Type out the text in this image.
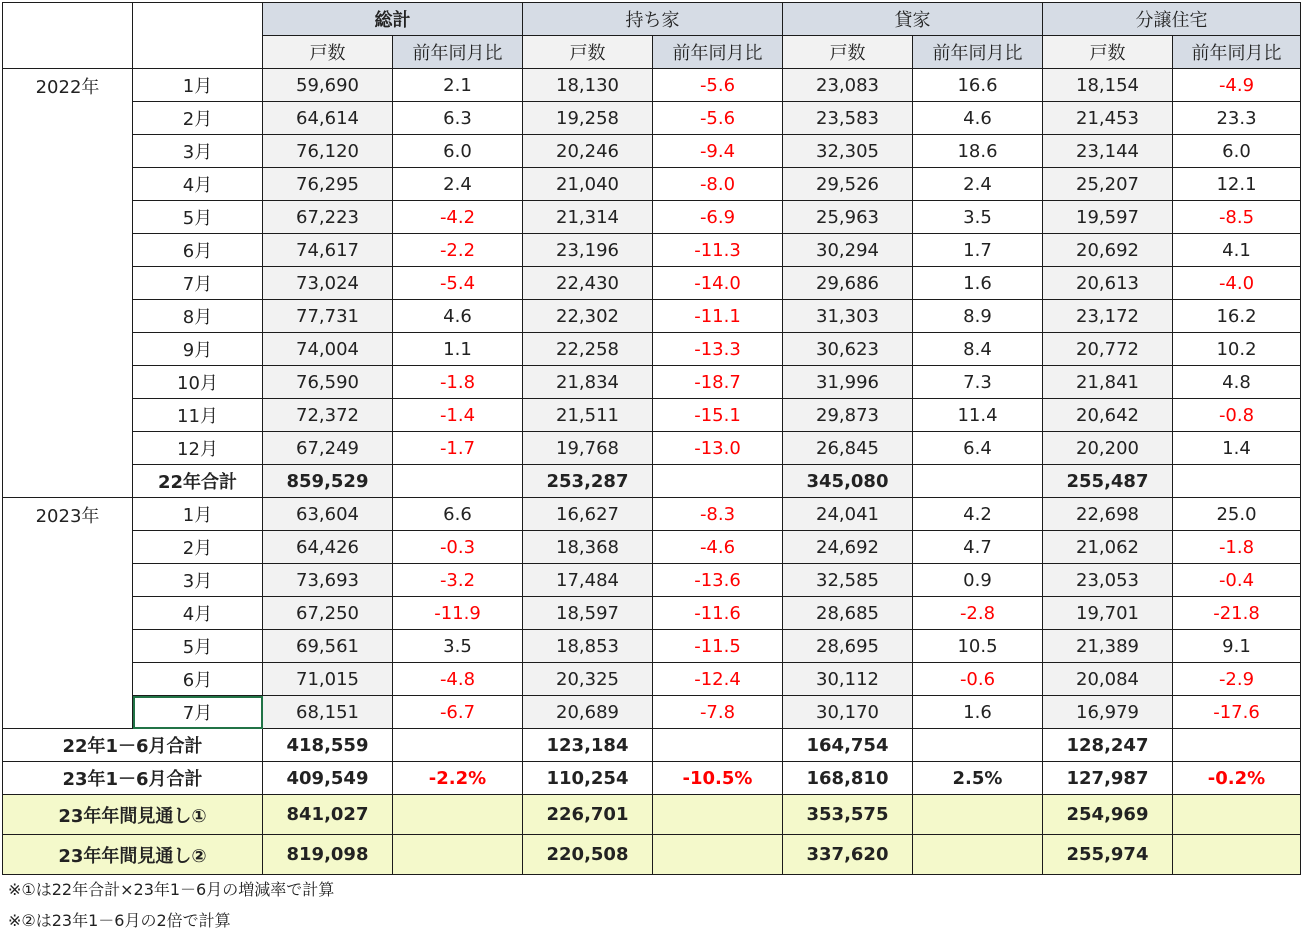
		総計		持ち家		貸家		分譲住宅	
		戸数	前年同月比	戸数	前年同月比	戸数	前年同月比	戸数	前年同月比
2022年	1月	59,690	2.1	18,130	-5.6	23,083	16.6	18,154	-4.9
	2月	64,614	6.3	19,258	-5.6	23,583	4.6	21,453	23.3
	3月	76,120	6.0	20,246	-9.4	32,305	18.6	23,144	6.0
	4月	76,295	2.4	21,040	-8.0	29,526	2.4	25,207	12.1
	5月	67,223	-4.2	21,314	-6.9	25,963	3.5	19,597	-8.5
	6月	74,617	-2.2	23,196	-11.3	30,294	1.7	20,692	4.1
	7月	73,024	-5.4	22,430	-14.0	29,686	1.6	20,613	-4.0
	8月	77,731	4.6	22,302	-11.1	31,303	8.9	23,172	16.2
	9月	74,004	1.1	22,258	-13.3	30,623	8.4	20,772	10.2
	10月	76,590	-1.8	21,834	-18.7	31,996	7.3	21,841	4.8
	11月	72,372	-1.4	21,511	-15.1	29,873	11.4	20,642	-0.8
	12月	67,249	-1.7	19,768	-13.0	26,845	6.4	20,200	1.4
	22年合計	859,529		253,287		345,080		255,487	
2023年	1月	63,604	6.6	16,627	-8.3	24,041	4.2	22,698	25.0
	2月	64,426	-0.3	18,368	-4.6	24,692	4.7	21,062	-1.8
	3月	73,693	-3.2	17,484	-13.6	32,585	0.9	23,053	-0.4
	4月	67,250	-11.9	18,597	-11.6	28,685	-2.8	19,701	-21.8
	5月	69,561	3.5	18,853	-11.5	28,695	10.5	21,389	9.1
	6月	71,015	-4.8	20,325	-12.4	30,112	-0.6	20,084	-2.9
	7月	68,151	-6.7	20,689	-7.8	30,170	1.6	16,979	-17.6
22年1－6月合計		418,559		123,184		164,754		128,247	
23年1－6月合計		409,549	-2.2%	110,254	-10.5%	168,810	2.5%	127,987	-0.2%
23年年間見通し①		841,027		226,701		353,575		254,969	
23年年間見通し②		819,098		220,508		337,620		255,974	
※①は22年合計×23年1－6月の増減率で計算
※②は23年1－6月の2倍で計算
